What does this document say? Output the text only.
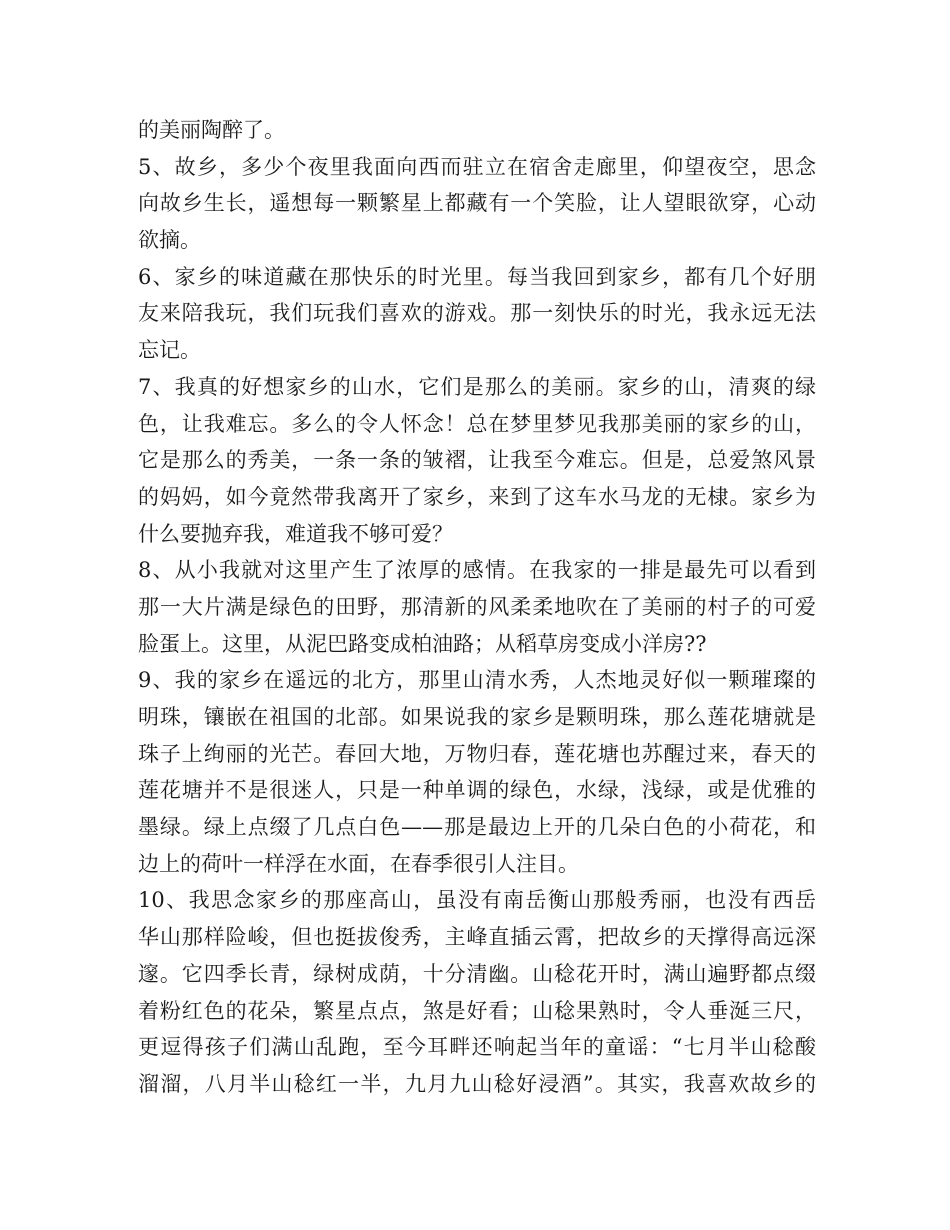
的美丽陶醉了。
5、故乡，多少个夜里我面向西而驻立在宿舍走廊里，仰望夜空，思念
向故乡生长，遥想每一颗繁星上都藏有一个笑脸，让人望眼欲穿，心动
欲摘。
6、家乡的味道藏在那快乐的时光里。每当我回到家乡，都有几个好朋
友来陪我玩，我们玩我们喜欢的游戏。那一刻快乐的时光，我永远无法
忘记。
7、我真的好想家乡的山水，它们是那么的美丽。家乡的山，清爽的绿
色，让我难忘。多么的令人怀念！总在梦里梦见我那美丽的家乡的山，
它是那么的秀美，一条一条的皱褶，让我至今难忘。但是，总爱煞风景
的妈妈，如今竟然带我离开了家乡，来到了这车水马龙的无棣。家乡为
什么要抛弃我，难道我不够可爱？
8、从小我就对这里产生了浓厚的感情。在我家的一排是最先可以看到
那一大片满是绿色的田野，那清新的风柔柔地吹在了美丽的村子的可爱
脸蛋上。这里，从泥巴路变成柏油路；从稻草房变成小洋房??
9、我的家乡在遥远的北方，那里山清水秀，人杰地灵好似一颗璀璨的
明珠，镶嵌在祖国的北部。如果说我的家乡是颗明珠，那么莲花塘就是
珠子上绚丽的光芒。春回大地，万物归春，莲花塘也苏醒过来，春天的
莲花塘并不是很迷人，只是一种单调的绿色，水绿，浅绿，或是优雅的
墨绿。绿上点缀了几点白色——那是最边上开的几朵白色的小荷花，和
边上的荷叶一样浮在水面，在春季很引人注目。
10、我思念家乡的那座高山，虽没有南岳衡山那般秀丽，也没有西岳
华山那样险峻，但也挺拔俊秀，主峰直插云霄，把故乡的天撑得高远深
邃。它四季长青，绿树成荫，十分清幽。山稔花开时，满山遍野都点缀
着粉红色的花朵，繁星点点，煞是好看；山稔果熟时，令人垂涎三尺，
更逗得孩子们满山乱跑，至今耳畔还响起当年的童谣：“七月半山稔酸
溜溜，八月半山稔红一半，九月九山稔好浸酒”。其实，我喜欢故乡的
